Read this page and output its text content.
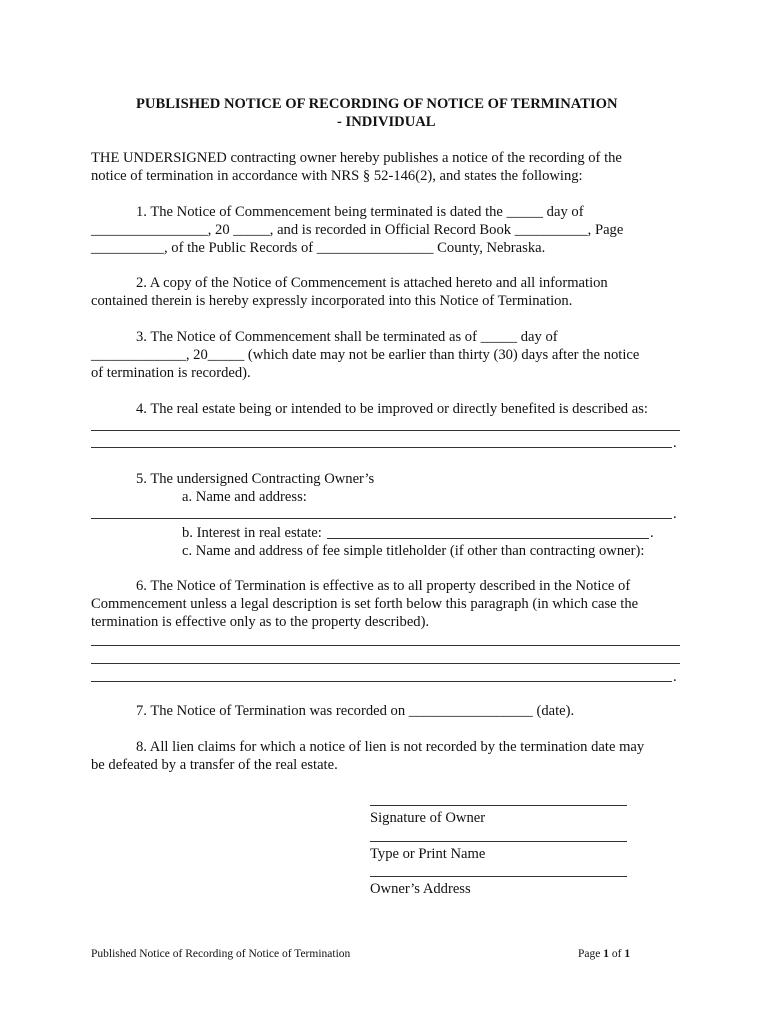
PUBLISHED NOTICE OF RECORDING OF NOTICE OF TERMINATION
- INDIVIDUAL
THE UNDERSIGNED contracting owner hereby publishes a notice of the recording of the
notice of termination in accordance with NRS § 52-146(2), and states the following:
1. The Notice of Commencement being terminated is dated the _____ day of
________________, 20 _____, and is recorded in Official Record Book __________, Page
__________, of the Public Records of ________________ County, Nebraska.
2. A copy of the Notice of Commencement is attached hereto and all information
contained therein is hereby expressly incorporated into this Notice of Termination.
3. The Notice of Commencement shall be terminated as of _____ day of
_____________, 20_____ (which date may not be earlier than thirty (30) days after the notice
of termination is recorded).
4. The real estate being or intended to be improved or directly benefited is described as:
.
5. The undersigned Contracting Owner’s
a. Name and address:
.
b. Interest in real estate:	.
c. Name and address of fee simple titleholder (if other than contracting owner):
6. The Notice of Termination is effective as to all property described in the Notice of
Commencement unless a legal description is set forth below this paragraph (in which case the
termination is effective only as to the property described).
.
7. The Notice of Termination was recorded on _________________ (date).
8. All lien claims for which a notice of lien is not recorded by the termination date may
be defeated by a transfer of the real estate.
Signature of Owner
Type or Print Name
Owner’s Address
Published Notice of Recording of Notice of Termination	Page 1 of 1
